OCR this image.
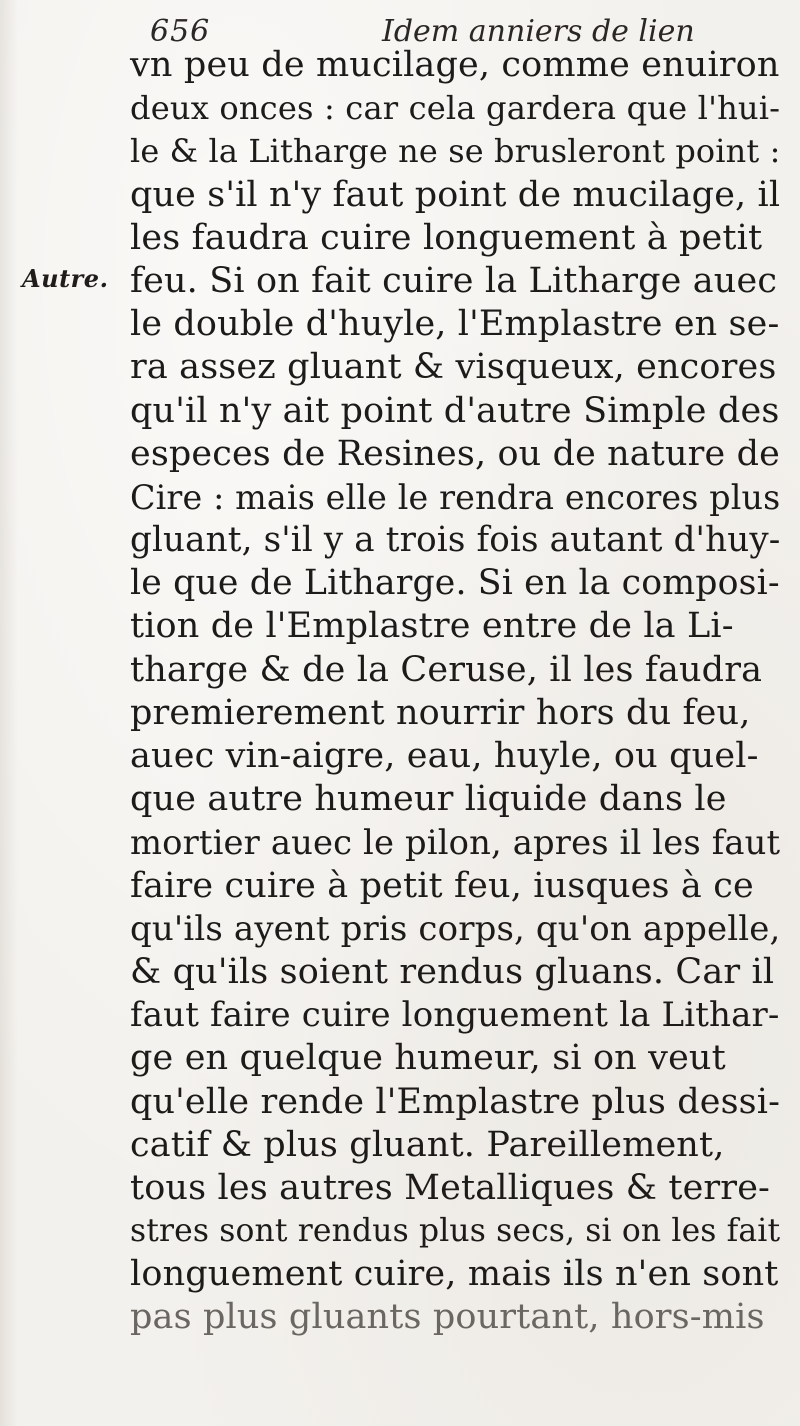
656	Idem anniers de lien
Autre.
vn peu de mucilage, comme enuiron
deux onces : car cela gardera que l'hui-
le & la Litharge ne se brusleront point :
que s'il n'y faut point de mucilage, il
les faudra cuire longuement à petit
feu. Si on fait cuire la Litharge auec
le double d'huyle, l'Emplastre en se-
ra assez gluant & visqueux, encores
qu'il n'y ait point d'autre Simple des
especes de Resines, ou de nature de
Cire : mais elle le rendra encores plus
gluant, s'il y a trois fois autant d'huy-
le que de Litharge. Si en la composi-
tion de l'Emplastre entre de la Li-
tharge & de la Ceruse, il les faudra
premierement nourrir hors du feu,
auec vin-aigre, eau, huyle, ou quel-
que autre humeur liquide dans le
mortier auec le pilon, apres il les faut
faire cuire à petit feu, iusques à ce
qu'ils ayent pris corps, qu'on appelle,
& qu'ils soient rendus gluans. Car il
faut faire cuire longuement la Lithar-
ge en quelque humeur, si on veut
qu'elle rende l'Emplastre plus dessi-
catif & plus gluant. Pareillement,
tous les autres Metalliques & terre-
stres sont rendus plus secs, si on les fait
longuement cuire, mais ils n'en sont
pas plus gluants pourtant, hors-mis
